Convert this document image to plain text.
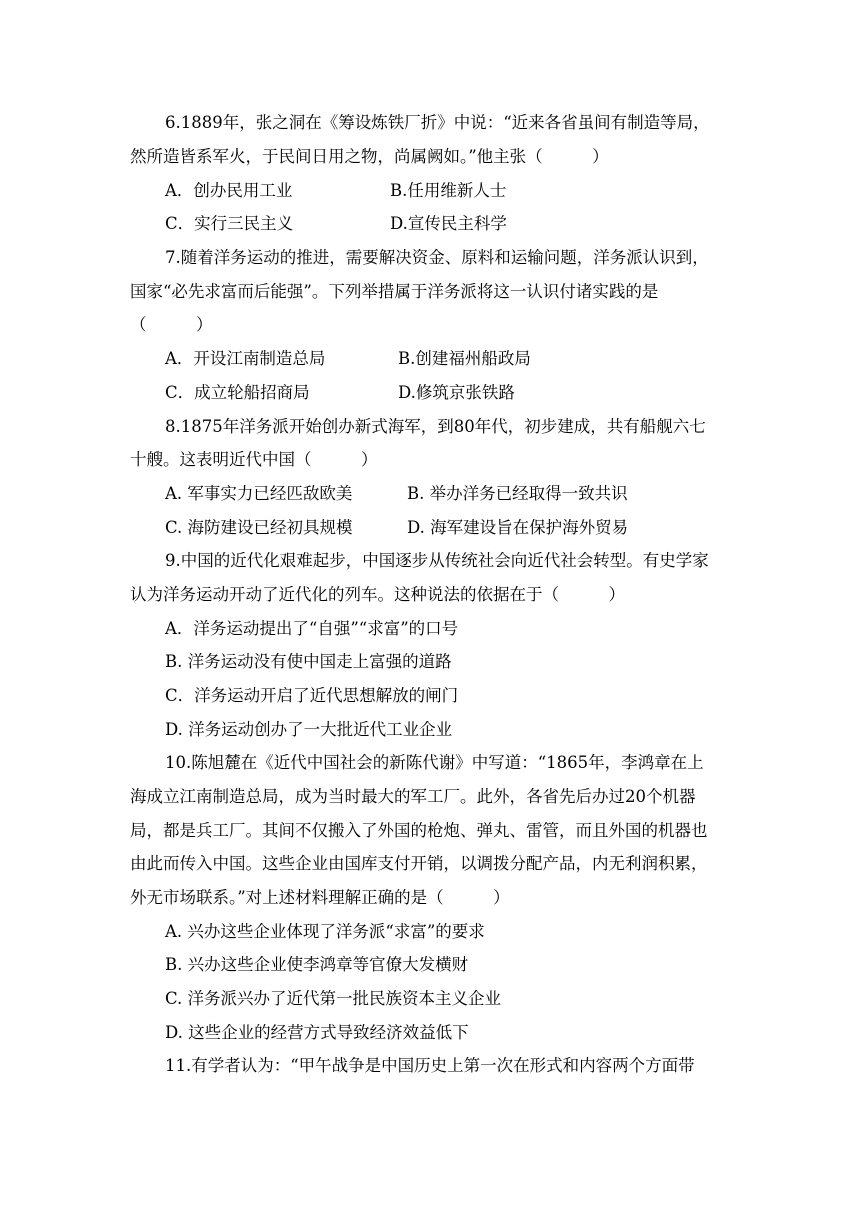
6.1889年，张之洞在《筹设炼铁厂折》中说：“近来各省虽间有制造等局，
然所造皆系军火，于民间日用之物，尚属阙如。”他主张（　　　）
A．创办民用工业	B.任用维新人士
C．实行三民主义	D.宣传民主科学
7.随着洋务运动的推进，需要解决资金、原料和运输问题，洋务派认识到，
国家“必先求富而后能强”。下列举措属于洋务派将这一认识付诸实践的是
（　　　）
A．开设江南制造总局	B.创建福州船政局
C．成立轮船招商局	D.修筑京张铁路
8.1875年洋务派开始创办新式海军，到80年代，初步建成，共有船舰六七
十艘。这表明近代中国（　　　）
A. 军事实力已经匹敌欧美	B. 举办洋务已经取得一致共识
C. 海防建设已经初具规模	D. 海军建设旨在保护海外贸易
9.中国的近代化艰难起步，中国逐步从传统社会向近代社会转型。有史学家
认为洋务运动开动了近代化的列车。这种说法的依据在于（　　　）
A．洋务运动提出了“自强”“求富”的口号
B. 洋务运动没有使中国走上富强的道路
C．洋务运动开启了近代思想解放的闸门
D. 洋务运动创办了一大批近代工业企业
10.陈旭麓在《近代中国社会的新陈代谢》中写道：“1865年，李鸿章在上
海成立江南制造总局，成为当时最大的军工厂。此外，各省先后办过20个机器
局，都是兵工厂。其间不仅搬入了外国的枪炮、弹丸、雷管，而且外国的机器也
由此而传入中国。这些企业由国库支付开销，以调拨分配产品，内无利润积累，
外无市场联系。”对上述材料理解正确的是（　　　）
A. 兴办这些企业体现了洋务派“求富”的要求
B. 兴办这些企业使李鸿章等官僚大发横财
C. 洋务派兴办了近代第一批民族资本主义企业
D. 这些企业的经营方式导致经济效益低下
11.有学者认为：“甲午战争是中国历史上第一次在形式和内容两个方面带
